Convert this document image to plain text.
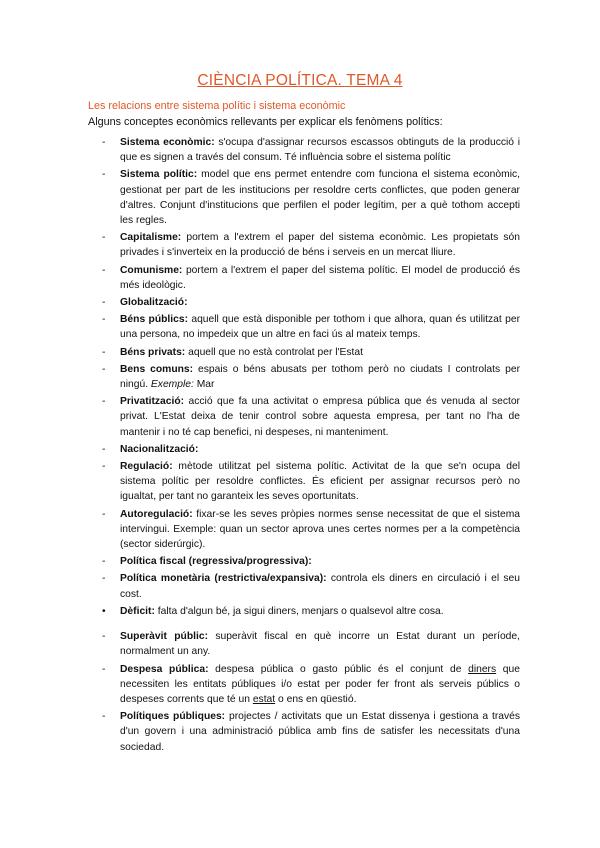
CIÈNCIA POLÍTICA. TEMA 4
Les relacions entre sistema polític i sistema econòmic
Alguns conceptes econòmics rellevants per explicar els fenòmens polítics:
-	Sistema econòmic: s'ocupa d'assignar recursos escassos obtinguts de la producció i que es signen a través del consum. Té influència sobre el sistema polític
-	Sistema polític: model que ens permet entendre com funciona el sistema econòmic, gestionat per part de les institucions per resoldre certs conflictes, que poden generar d'altres. Conjunt d'institucions que perfilen el poder legítim, per a què tothom accepti les regles.
-	Capitalisme: portem a l'extrem el paper del sistema econòmic. Les propietats són privades i s'inverteix en la producció de béns i serveis en un mercat lliure.
-	Comunisme: portem a l'extrem el paper del sistema polític. El model de producció és més ideològic.
-	Globalització:
-	Béns públics: aquell que està disponible per tothom i que alhora, quan és utilitzat per una persona, no impedeix que un altre en faci ús al mateix temps.
-	Béns privats: aquell que no està controlat per l'Estat
-	Bens comuns: espais o béns abusats per tothom però no ciudats I controlats per ningú. Exemple: Mar
-	Privatització: acció que fa una activitat o empresa pública que és venuda al sector privat. L'Estat deixa de tenir control sobre aquesta empresa, per tant no l'ha de mantenir i no té cap benefici, ni despeses, ni manteniment.
-	Nacionalització:
-	Regulació: mètode utilitzat pel sistema polític. Activitat de la que se'n ocupa del sistema polític per resoldre conflictes. És eficient per assignar recursos però no igualtat, per tant no garanteix les seves oportunitats.
-	Autoregulació: fixar-se les seves pròpies normes sense necessitat de que el sistema intervingui. Exemple: quan un sector aprova unes certes normes per a la competència (sector siderúrgic).
-	Política fiscal (regressiva/progressiva):
-	Política monetària (restrictiva/expansiva): controla els diners en circulació i el seu cost.
•	Dèficit: falta d'algun bé, ja sigui diners, menjars o qualsevol altre cosa.
-	Superàvit públic: superàvit fiscal en què incorre un Estat durant un període, normalment un any.
-	Despesa pública: despesa pública o gasto públic és el conjunt de diners que necessiten les entitats públiques i/o estat per poder fer front als serveis públics o despeses corrents que té un estat o ens en qüestió.
-	Polítiques públiques: projectes / activitats que un Estat dissenya i gestiona a través d'un govern i una administració pública amb fins de satisfer les necessitats d'una sociedad.
